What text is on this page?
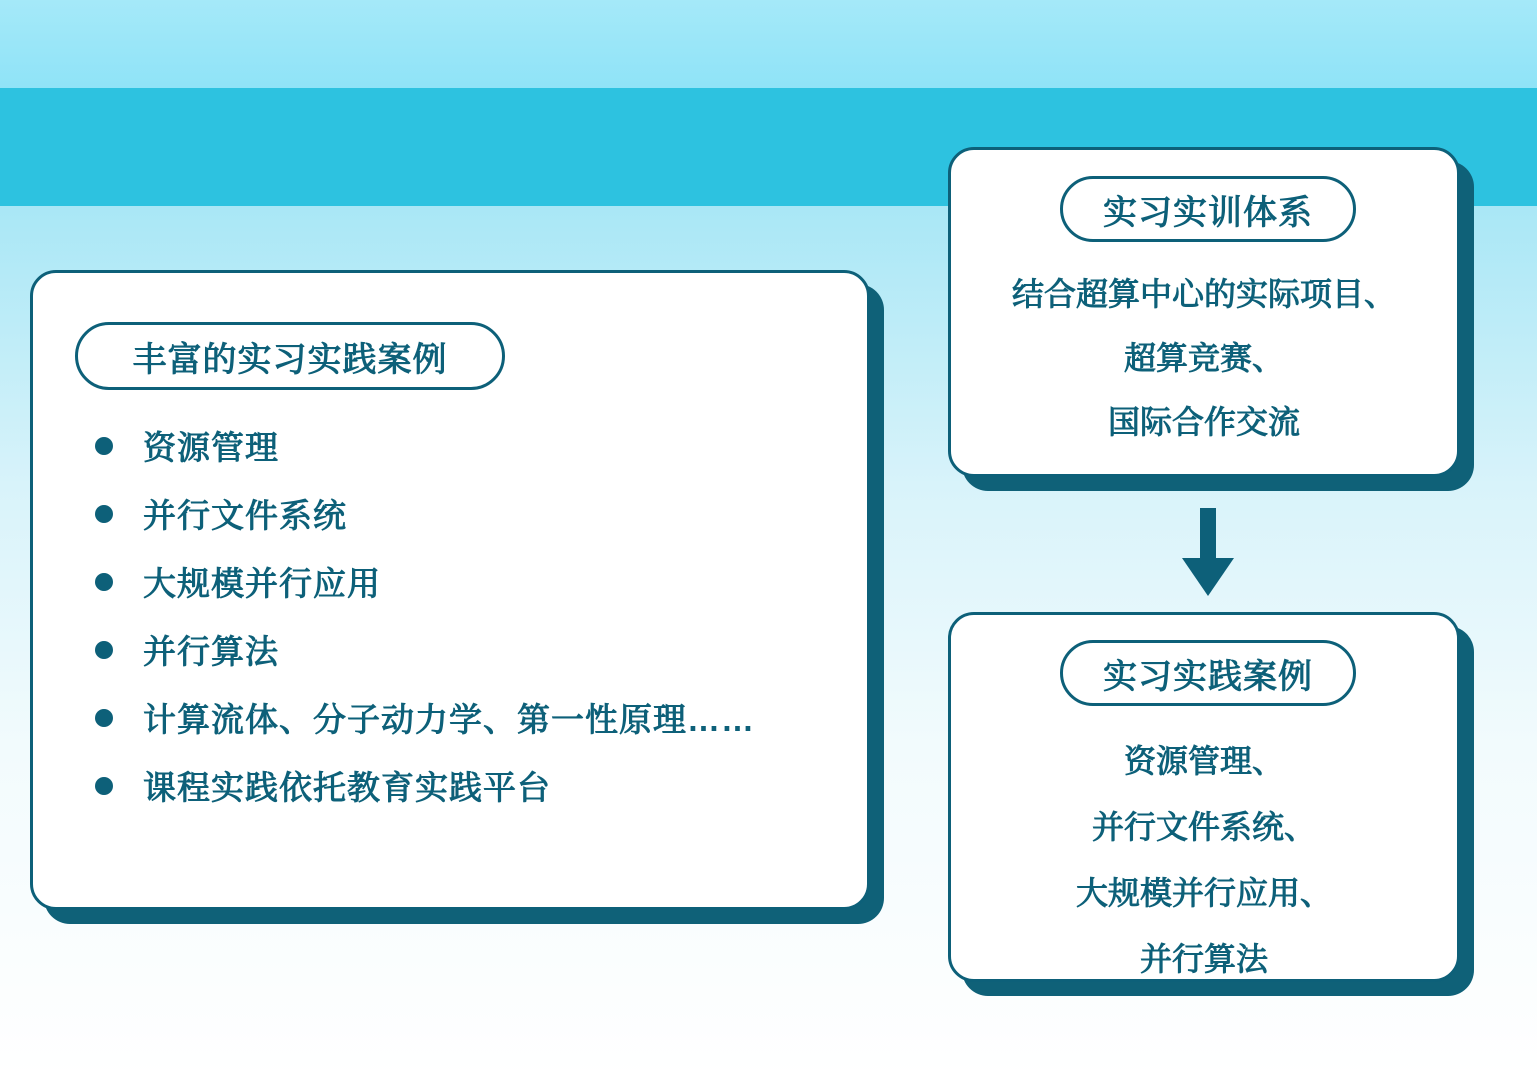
丰富的实习实践案例
资源管理
并行文件系统
大规模并行应用
并行算法
计算流体、分子动力学、第一性原理……
课程实践依托教育实践平台
实习实训体系
结合超算中心的实际项目、
超算竞赛、
国际合作交流
实习实践案例
资源管理、
并行文件系统、
大规模并行应用、
并行算法
